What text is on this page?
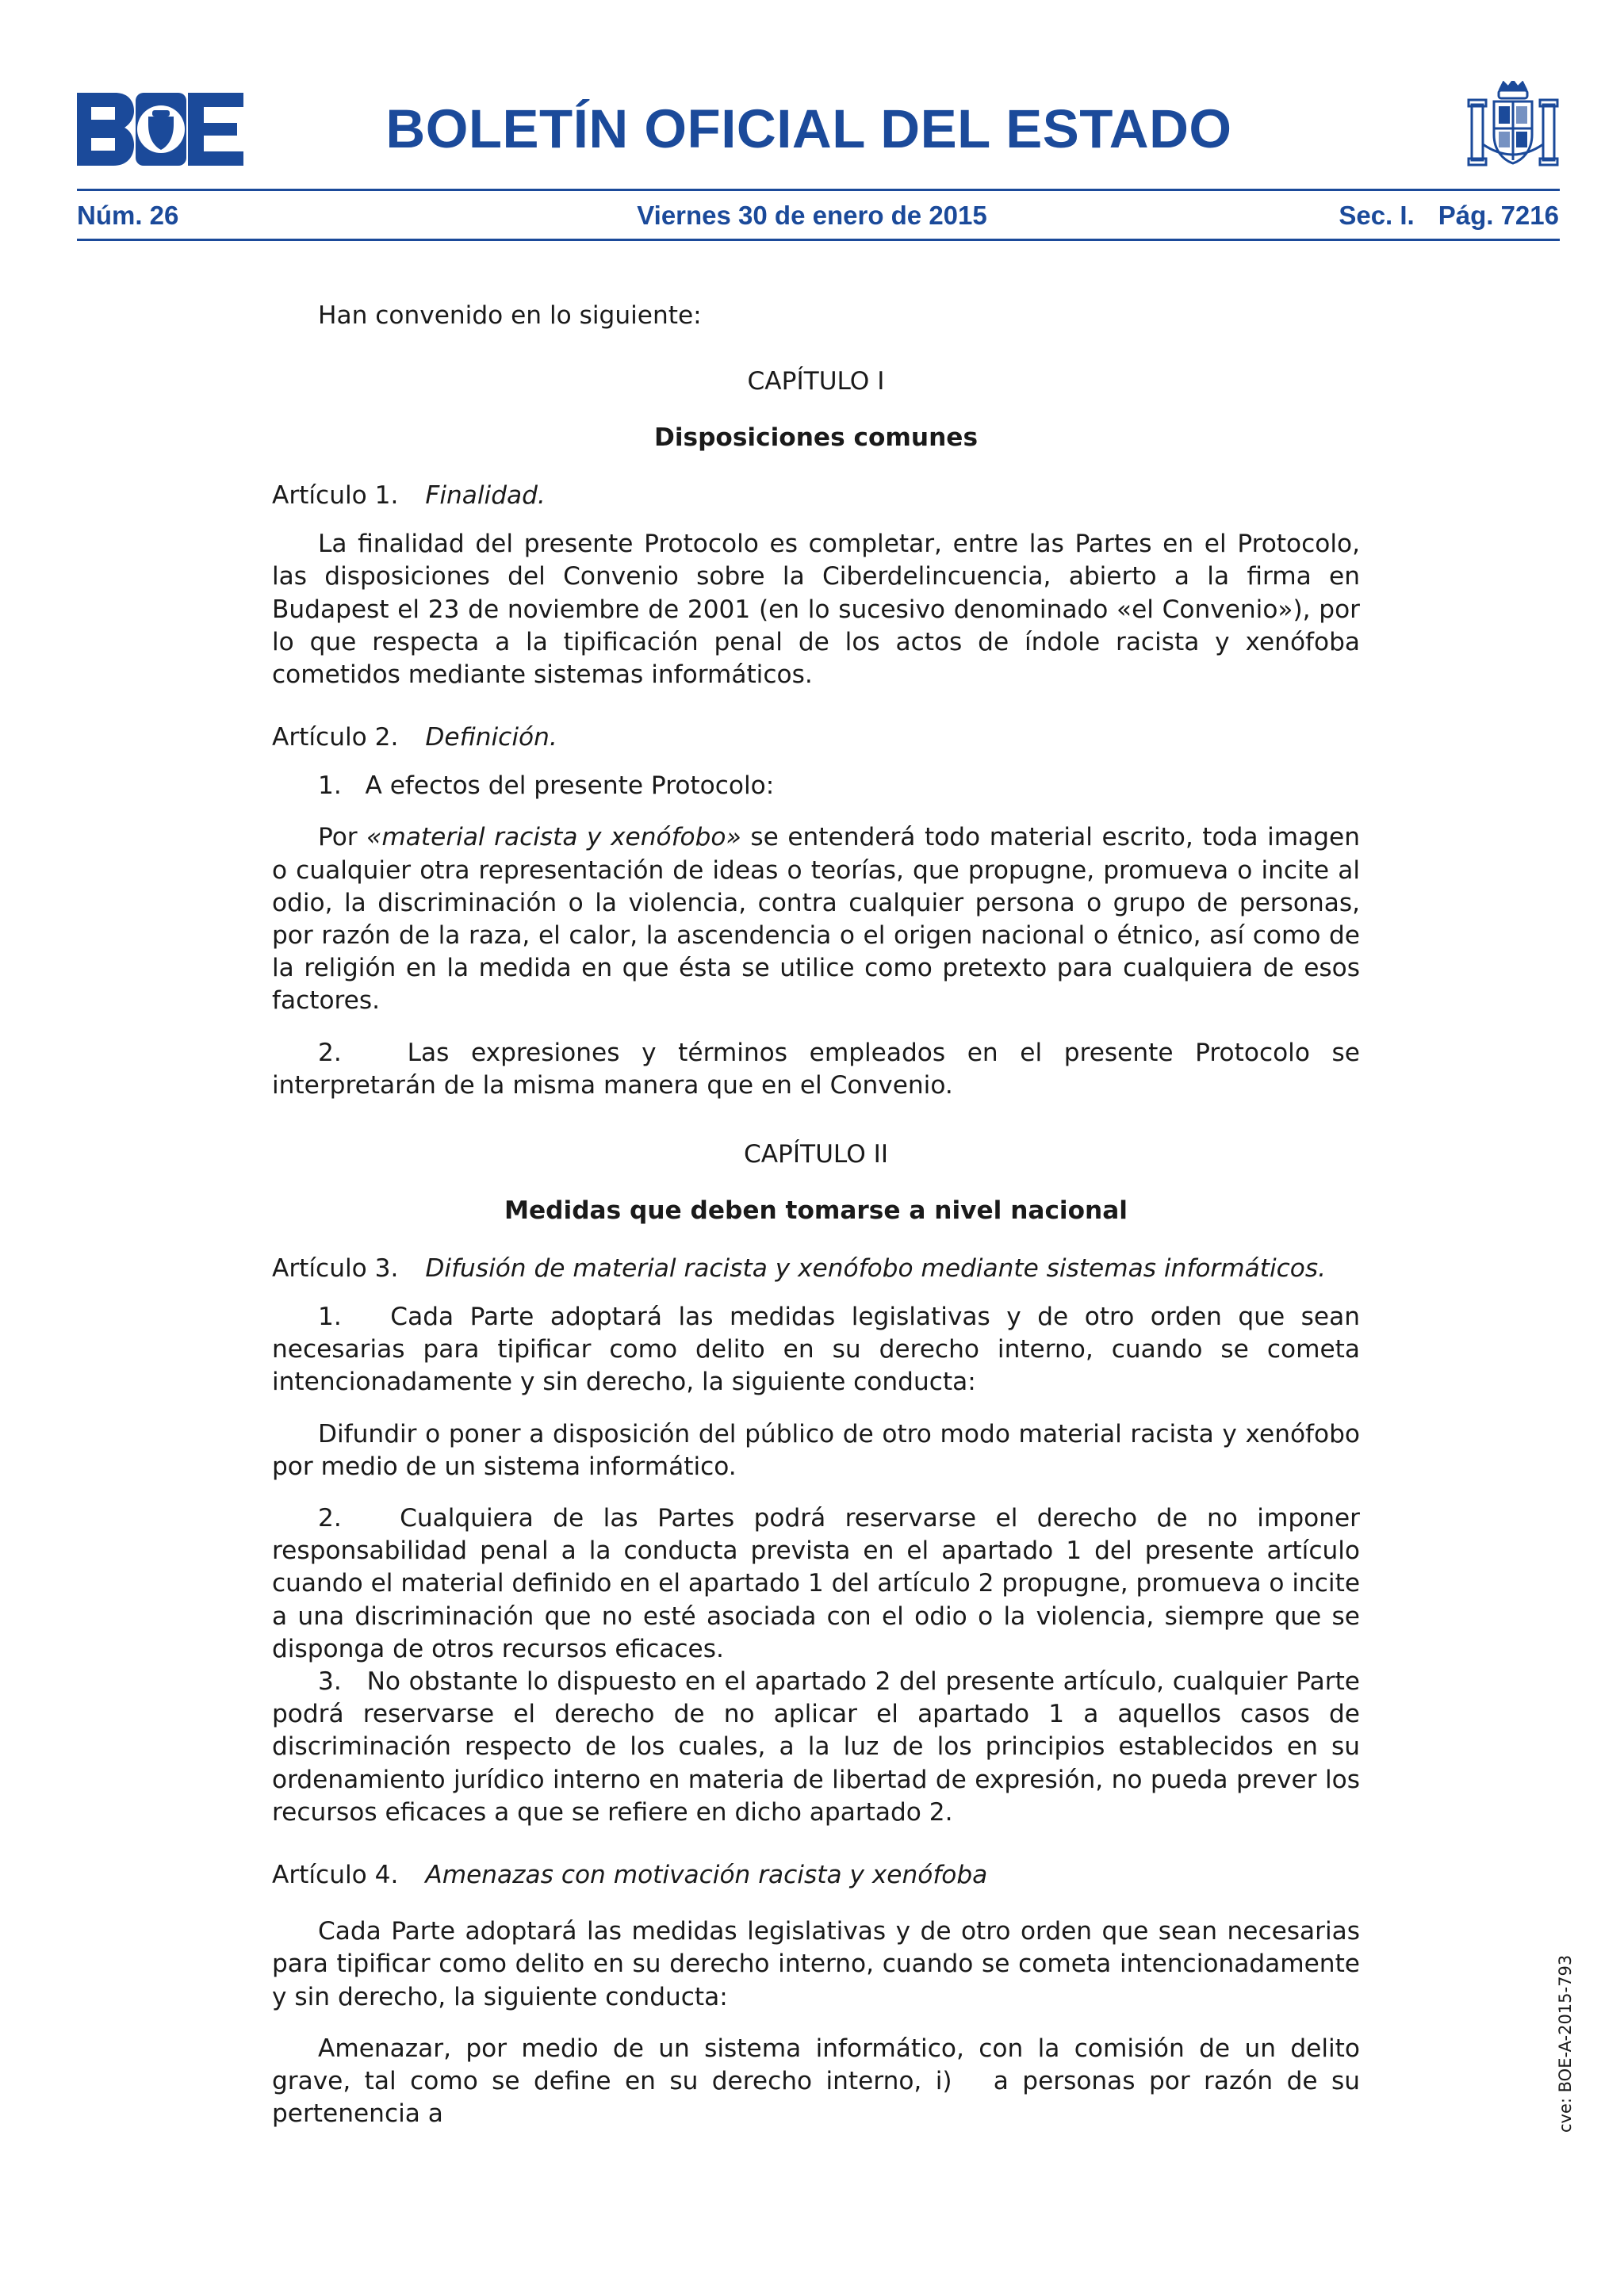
BOLETÍN OFICIAL DEL ESTADO
Núm. 26	Viernes 30 de enero de 2015	Sec. I. Pág. 7216

Han convenido en lo siguiente:

CAPÍTULO I
Disposiciones comunes
Artículo 1. Finalidad.

La finalidad del presente Protocolo es completar, entre las Partes en el Protocolo, las disposiciones del Convenio sobre la Ciberdelincuencia, abierto a la firma en Budapest el 23 de noviembre de 2001 (en lo sucesivo denominado «el Convenio»), por lo que respecta a la tipificación penal de los actos de índole racista y xenófoba cometidos mediante sistemas informáticos.

Artículo 2. Definición.

1.   A efectos del presente Protocolo:

Por «material racista y xenófobo» se entenderá todo material escrito, toda imagen o cualquier otra representación de ideas o teorías, que propugne, promueva o incite al odio, la discriminación o la violencia, contra cualquier persona o grupo de personas, por razón de la raza, el calor, la ascendencia o el origen nacional o étnico, así como de la religión en la medida en que ésta se utilice como pretexto para cualquiera de esos factores.

2.   Las expresiones y términos empleados en el presente Protocolo se interpretarán de la misma manera que en el Convenio.

CAPÍTULO II
Medidas que deben tomarse a nivel nacional
Artículo 3. Difusión de material racista y xenófobo mediante sistemas informáticos.

1.   Cada Parte adoptará las medidas legislativas y de otro orden que sean necesarias para tipificar como delito en su derecho interno, cuando se cometa intencionadamente y sin derecho, la siguiente conducta:

Difundir o poner a disposición del público de otro modo material racista y xenófobo por medio de un sistema informático.

2.   Cualquiera de las Partes podrá reservarse el derecho de no imponer responsabilidad penal a la conducta prevista en el apartado 1 del presente artículo cuando el material definido en el apartado 1 del artículo 2 propugne, promueva o incite a una discriminación que no esté asociada con el odio o la violencia, siempre que se disponga de otros recursos eficaces.

3.   No obstante lo dispuesto en el apartado 2 del presente artículo, cualquier Parte podrá reservarse el derecho de no aplicar el apartado 1 a aquellos casos de discriminación respecto de los cuales, a la luz de los principios establecidos en su ordenamiento jurídico interno en materia de libertad de expresión, no pueda prever los recursos eficaces a que se refiere en dicho apartado 2.

Artículo 4. Amenazas con motivación racista y xenófoba

Cada Parte adoptará las medidas legislativas y de otro orden que sean necesarias para tipificar como delito en su derecho interno, cuando se cometa intencionadamente y sin derecho, la siguiente conducta:

Amenazar, por medio de un sistema informático, con la comisión de un delito grave, tal como se define en su derecho interno, i)   a personas por razón de su pertenencia a	cve: BOE-A-2015-793
